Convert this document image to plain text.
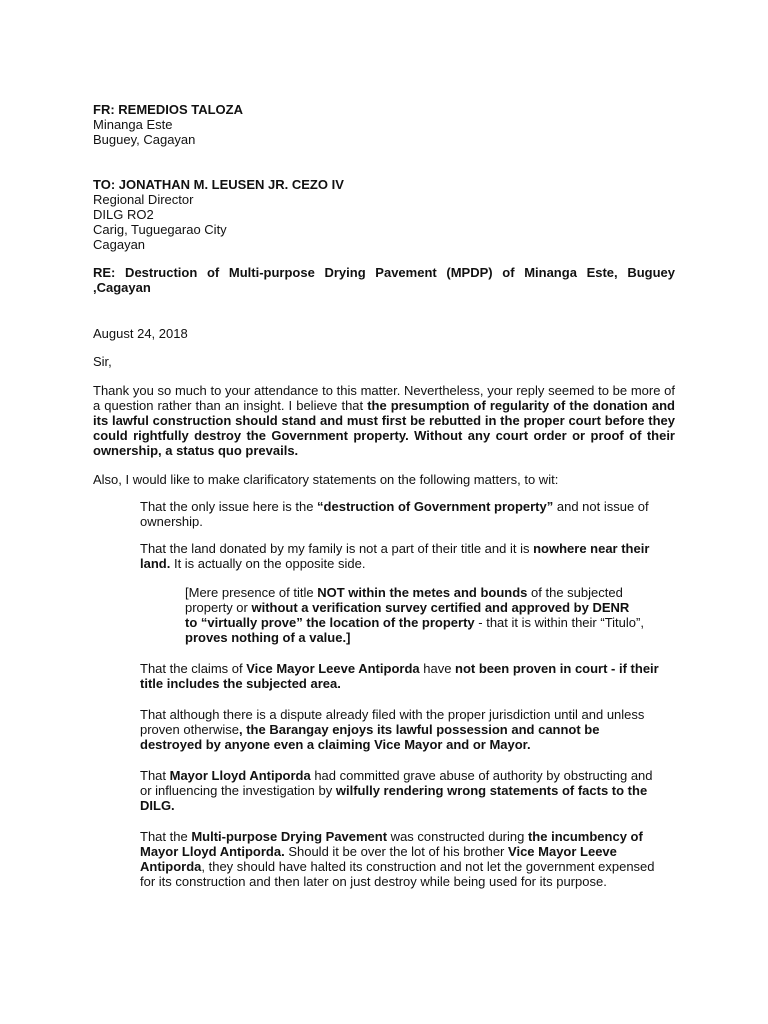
FR: REMEDIOS TALOZA

Minanga Este

Buguey, Cagayan

TO: JONATHAN M. LEUSEN JR. CEZO IV

Regional Director

DILG RO2

Carig, Tuguegarao City

Cagayan

RE: Destruction of Multi-purpose Drying Pavement (MPDP) of Minanga Este, Buguey ,Cagayan

August 24, 2018

Sir,

Thank you so much to your attendance to this matter. Nevertheless, your reply seemed to be more of a question rather than an insight. I believe that the presumption of regularity of the donation and its lawful construction should stand and must first be rebutted in the proper court before they could rightfully destroy the Government property. Without any court order or proof of their ownership, a status quo prevails.

Also, I would like to make clarificatory statements on the following matters, to wit:

That the only issue here is the “destruction of Government property” and not issue of ownership.

That the land donated by my family is not a part of their title and it is nowhere near their land. It is actually on the opposite side.

[Mere presence of title NOT within the metes and bounds of the subjected property or without a verification survey certified and approved by DENR to “virtually prove” the location of the property - that it is within their “Titulo”, proves nothing of a value.]

That the claims of Vice Mayor Leeve Antiporda have not been proven in court - if their title includes the subjected area.

That although there is a dispute already filed with the proper jurisdiction until and unless proven otherwise, the Barangay enjoys its lawful possession and cannot be destroyed by anyone even a claiming Vice Mayor and or Mayor.

That Mayor Lloyd Antiporda had committed grave abuse of authority by obstructing and or influencing the investigation by wilfully rendering wrong statements of facts to the DILG.

That the Multi-purpose Drying Pavement was constructed during the incumbency of Mayor Lloyd Antiporda. Should it be over the lot of his brother Vice Mayor Leeve Antiporda, they should have halted its construction and not let the government expensed for its construction and then later on just destroy while being used for its purpose.
